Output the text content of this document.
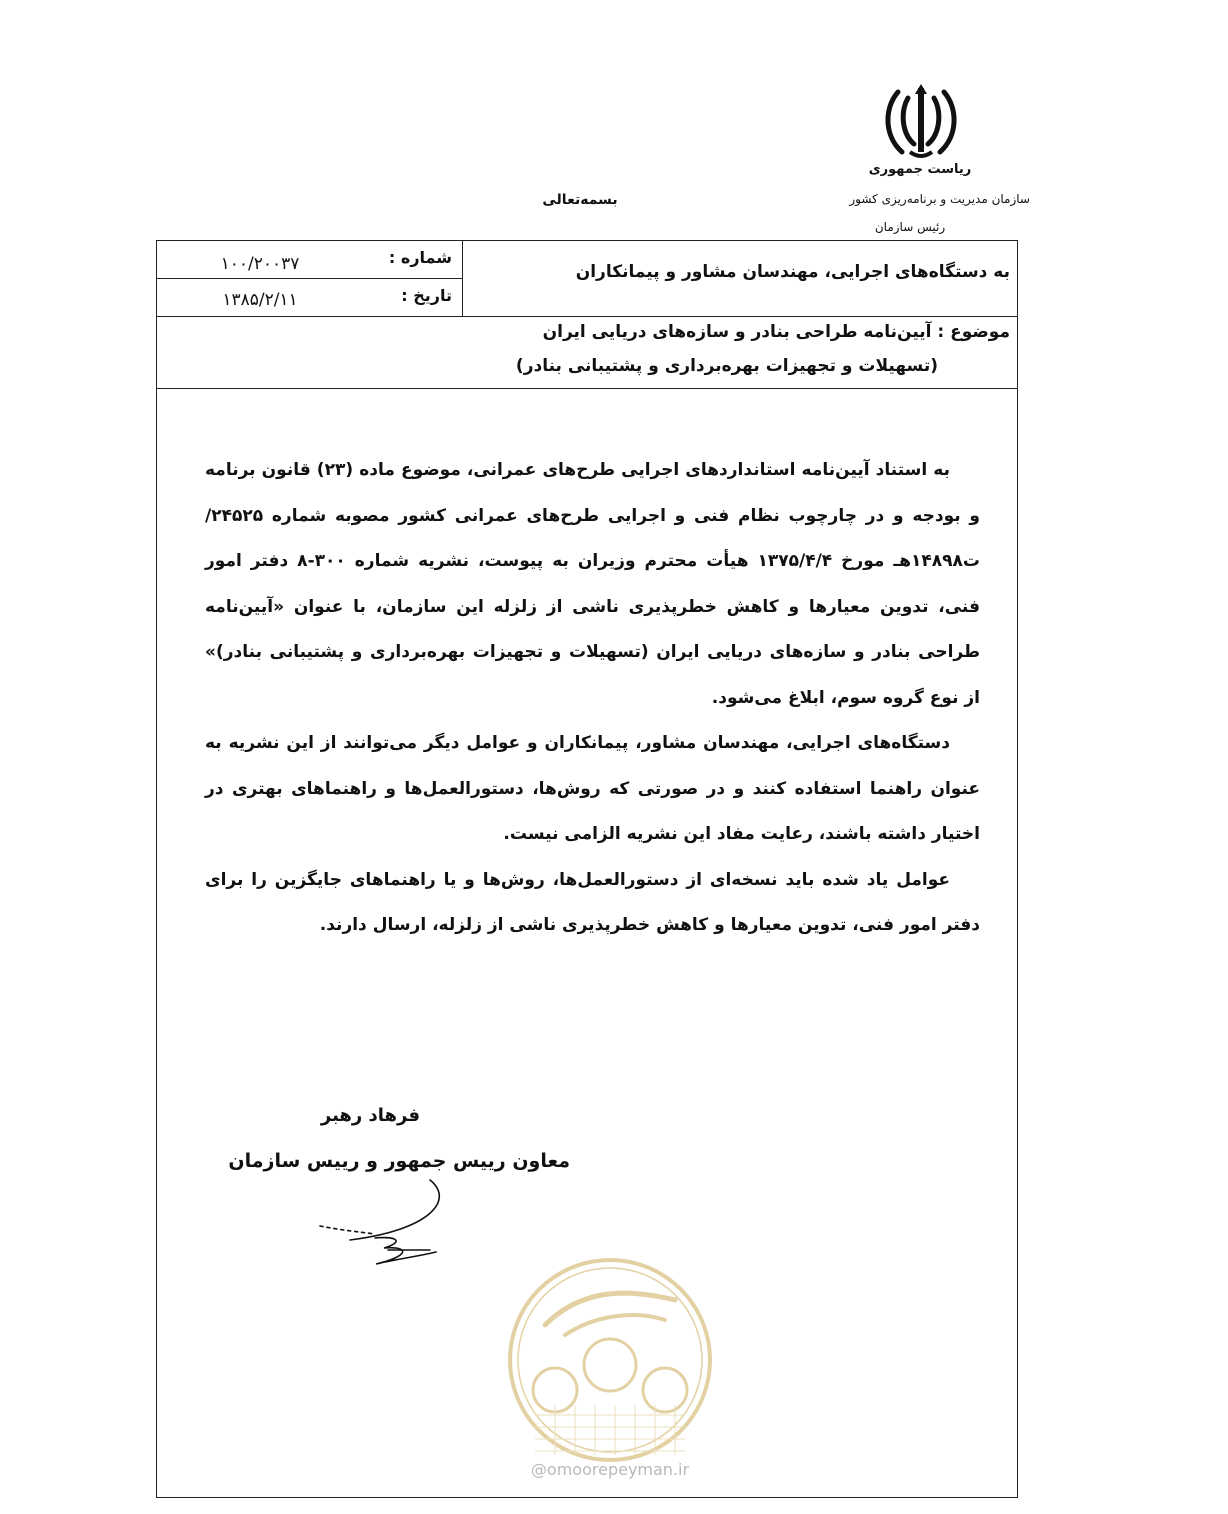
ریاست جمهوری
سازمان مدیریت و برنامه‌ریزی کشور
رئیس سازمان
بسمه‌تعالی
به دستگاه‌های اجرایی، مهندسان مشاور و پیمانکاران
شماره :
۱۰۰/۲۰۰۳۷
تاریخ :
۱۳۸۵/۲/۱۱
موضوع : آیین‌نامه طراحی بنادر و سازه‌های دریایی ایران
(تسهیلات و تجهیزات بهره‌برداری و پشتیبانی بنادر)

به استناد آیین‌نامه استانداردهای اجرایی طرح‌های عمرانی، موضوع ماده (۲۳) قانون برنامه و بودجه و در چارچوب نظام فنی و اجرایی طرح‌های عمرانی کشور مصوبه شماره ۲۴۵۲۵/ت۱۴۸۹۸هـ مورخ ۱۳۷۵/۴/۴ هیأت محترم وزیران به پیوست، نشریه شماره ۳۰۰-۸ دفتر امور فنی، تدوین معیارها و کاهش خطرپذیری ناشی از زلزله این سازمان، با عنوان «آیین‌نامه طراحی بنادر و سازه‌های دریایی ایران (تسهیلات و تجهیزات بهره‌برداری و پشتیبانی بنادر)» از نوع گروه سوم، ابلاغ می‌شود.

دستگاه‌های اجرایی، مهندسان مشاور، پیمانکاران و عوامل دیگر می‌توانند از این نشریه به عنوان راهنما استفاده کنند و در صورتی که روش‌ها، دستورالعمل‌ها و راهنماهای بهتری در اختیار داشته باشند، رعایت مفاد این نشریه الزامی نیست.

عوامل یاد شده باید نسخه‌ای از دستورالعمل‌ها، روش‌ها و یا راهنماهای جایگزین را برای دفتر امور فنی، تدوین معیارها و کاهش خطرپذیری ناشی از زلزله، ارسال دارند.

فرهاد رهبر
معاون رییس جمهور و رییس سازمان
@omoorepeyman.ir
